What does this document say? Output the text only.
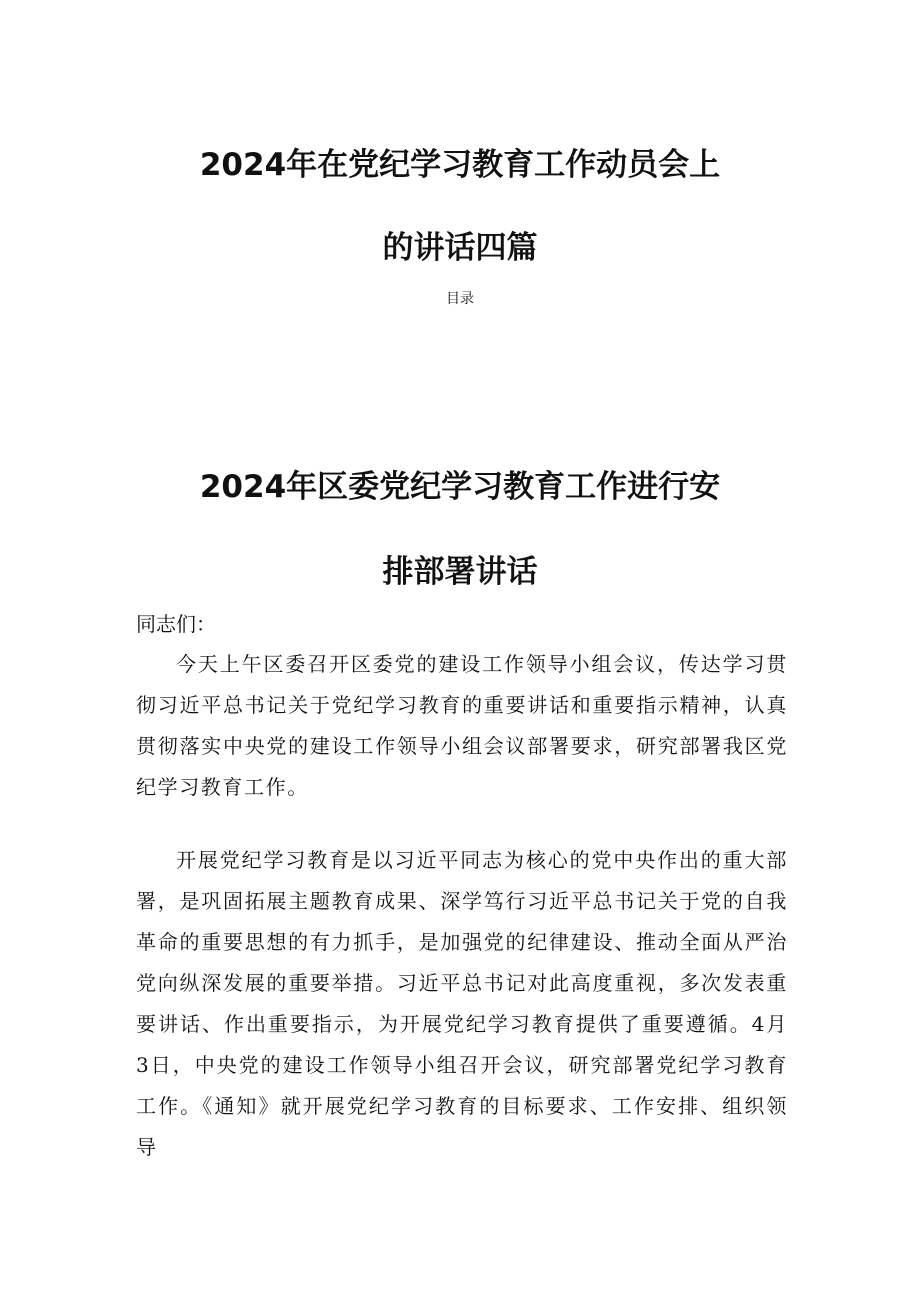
2024年在党纪学习教育工作动员会上
的讲话四篇
目录
2024年区委党纪学习教育工作进行安
排部署讲话

同志们：

今天上午区委召开区委党的建设工作领导小组会议，传达学习贯彻习近平总书记关于党纪学习教育的重要讲话和重要指示精神，认真贯彻落实中央党的建设工作领导小组会议部署要求，研究部署我区党纪学习教育工作。

开展党纪学习教育是以习近平同志为核心的党中央作出的重大部署，是巩固拓展主题教育成果、深学笃行习近平总书记关于党的自我革命的重要思想的有力抓手，是加强党的纪律建设、推动全面从严治党向纵深发展的重要举措。习近平总书记对此高度重视，多次发表重要讲话、作出重要指示，为开展党纪学习教育提供了重要遵循。4月3日，中央党的建设工作领导小组召开会议，研究部署党纪学习教育工作。《通知》就开展党纪学习教育的目标要求、工作安排、组织领导
